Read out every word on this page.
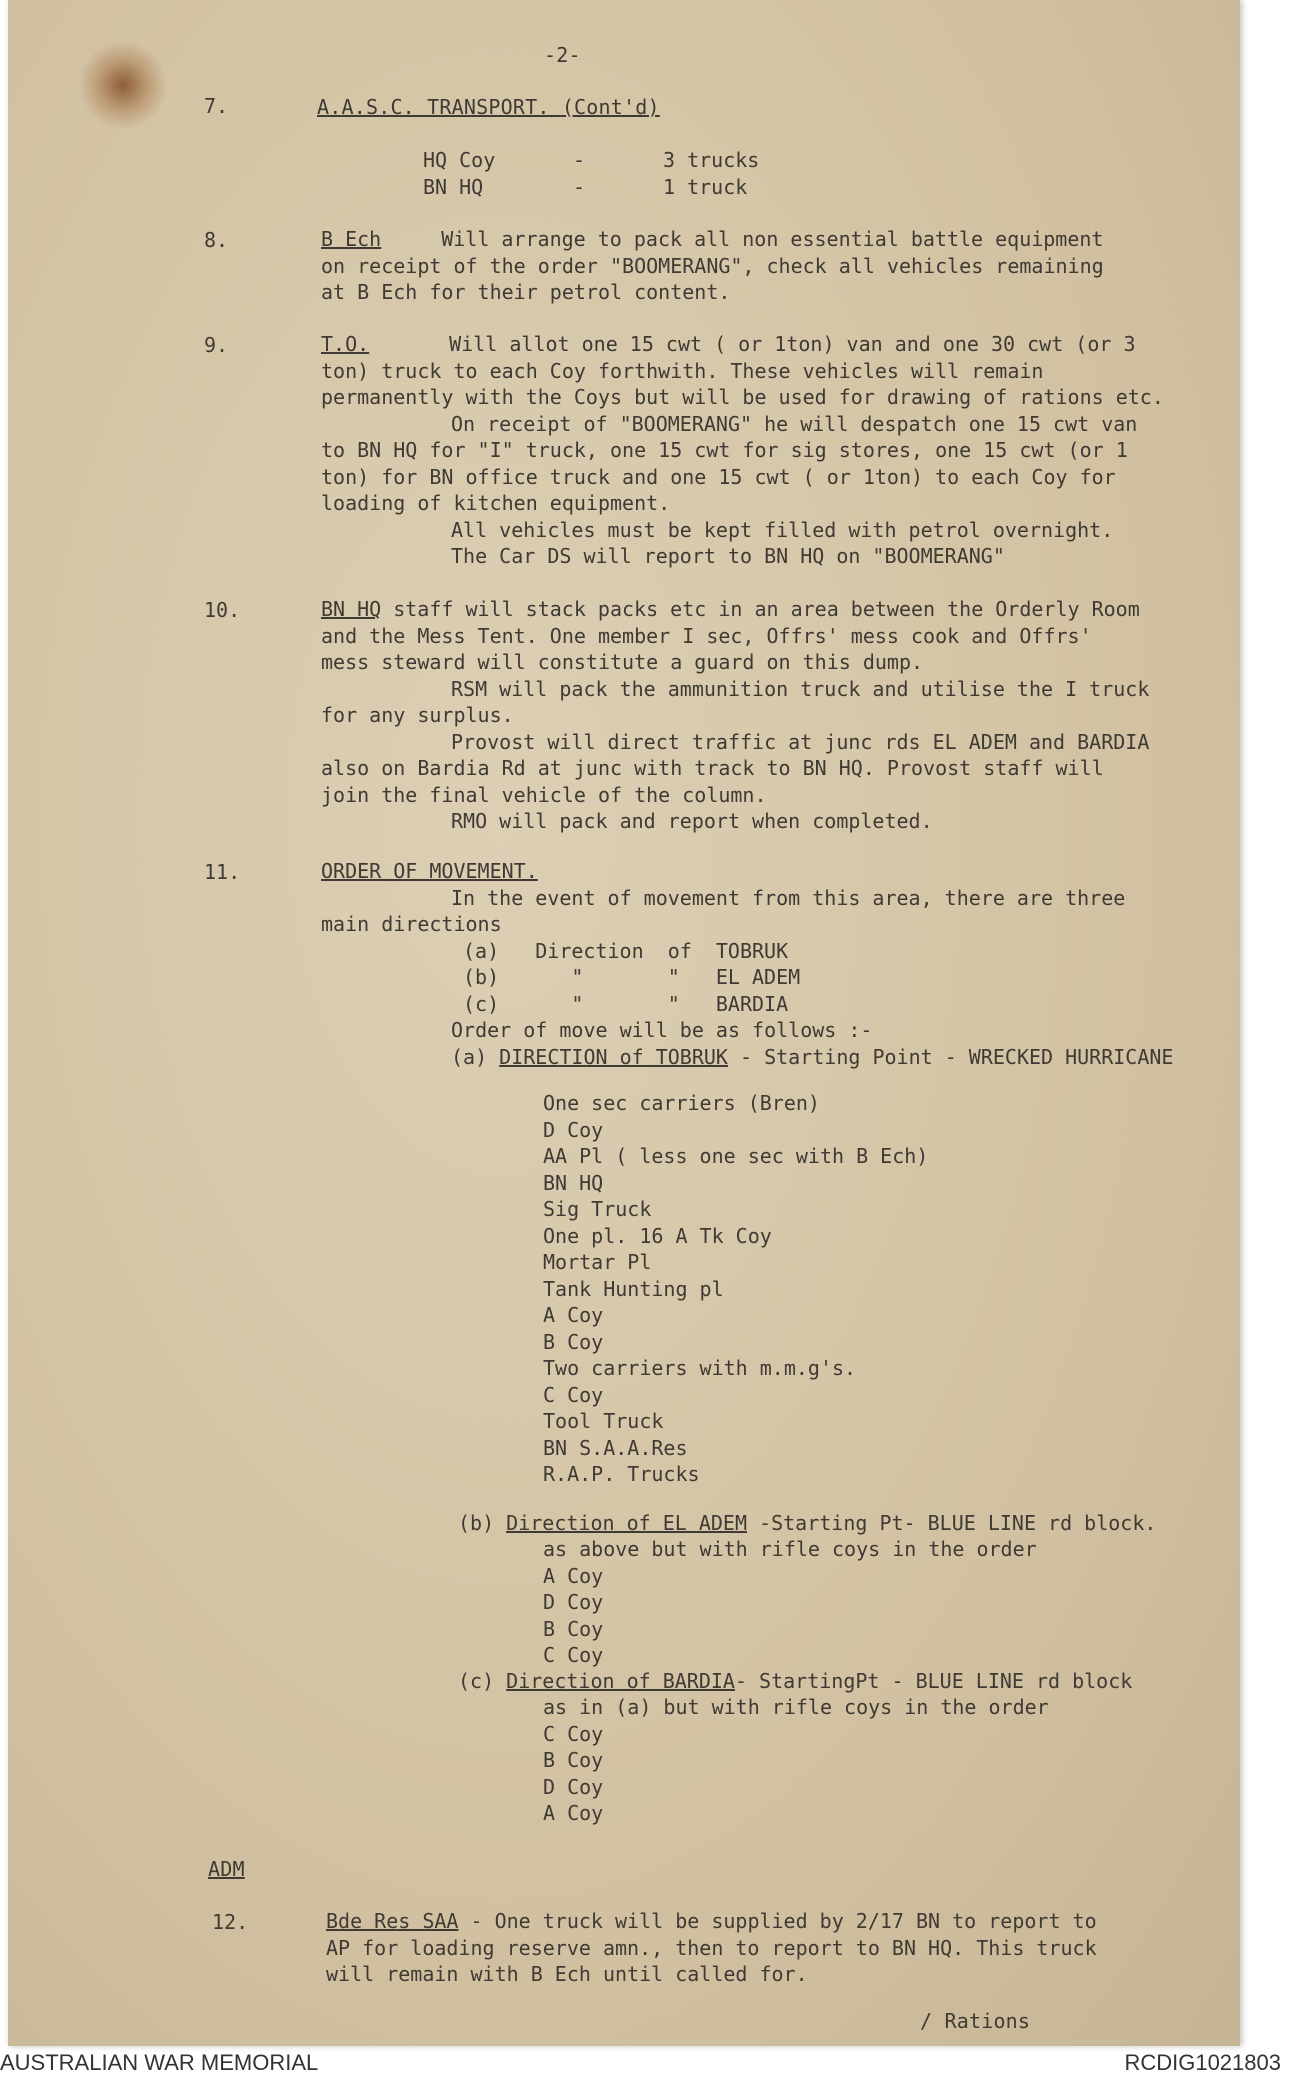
-2-
7.	A.A.S.C. TRANSPORT. (Cont'd)
HQ Coy	-	3 trucks
BN HQ	-	1 truck
8.	B Ech	Will arrange to pack all non essential battle equipment
on receipt of the order "BOOMERANG", check all vehicles remaining
at B Ech for their petrol content.
9.	T.O.	Will allot one 15 cwt ( or 1ton) van and one 30 cwt (or 3
ton) truck to each Coy forthwith. These vehicles will remain
permanently with the Coys but will be used for drawing of rations etc.
On receipt of "BOOMERANG" he will despatch one 15 cwt van
to BN HQ for "I" truck, one 15 cwt for sig stores, one 15 cwt (or 1
ton) for BN office truck and one 15 cwt ( or 1ton) to each Coy for
loading of kitchen equipment.
All vehicles must be kept filled with petrol overnight.
The Car DS will report to BN HQ on "BOOMERANG"
10.	BN HQ staff will stack packs etc in an area between the Orderly Room
and the Mess Tent. One member I sec, Offrs' mess cook and Offrs'
mess steward will constitute a guard on this dump.
RSM will pack the ammunition truck and utilise the I truck
for any surplus.
Provost will direct traffic at junc rds EL ADEM and BARDIA
also on Bardia Rd at junc with track to BN HQ. Provost staff will
join the final vehicle of the column.
RMO will pack and report when completed.
11.	ORDER OF MOVEMENT.
In the event of movement from this area, there are three
main directions
(a)   Direction  of  TOBRUK
(b)      "       "   EL ADEM
(c)      "       "   BARDIA
Order of move will be as follows :-
(a) DIRECTION of TOBRUK - Starting Point - WRECKED HURRICANE
One sec carriers (Bren)
D Coy
AA Pl ( less one sec with B Ech)
BN HQ
Sig Truck
One pl. 16 A Tk Coy
Mortar Pl
Tank Hunting pl
A Coy
B Coy
Two carriers with m.m.g's.
C Coy
Tool Truck
BN S.A.A.Res
R.A.P. Trucks
(b) Direction of EL ADEM -Starting Pt- BLUE LINE rd block.
as above but with rifle coys in the order
A Coy
D Coy
B Coy
C Coy
(c) Direction of BARDIA- StartingPt - BLUE LINE rd block
as in (a) but with rifle coys in the order
C Coy
B Coy
D Coy
A Coy
ADM
12.	Bde Res SAA - One truck will be supplied by 2/17 BN to report to
AP for loading reserve amn., then to report to BN HQ. This truck
will remain with B Ech until called for.
/ Rations
AUSTRALIAN WAR MEMORIAL	RCDIG1021803
